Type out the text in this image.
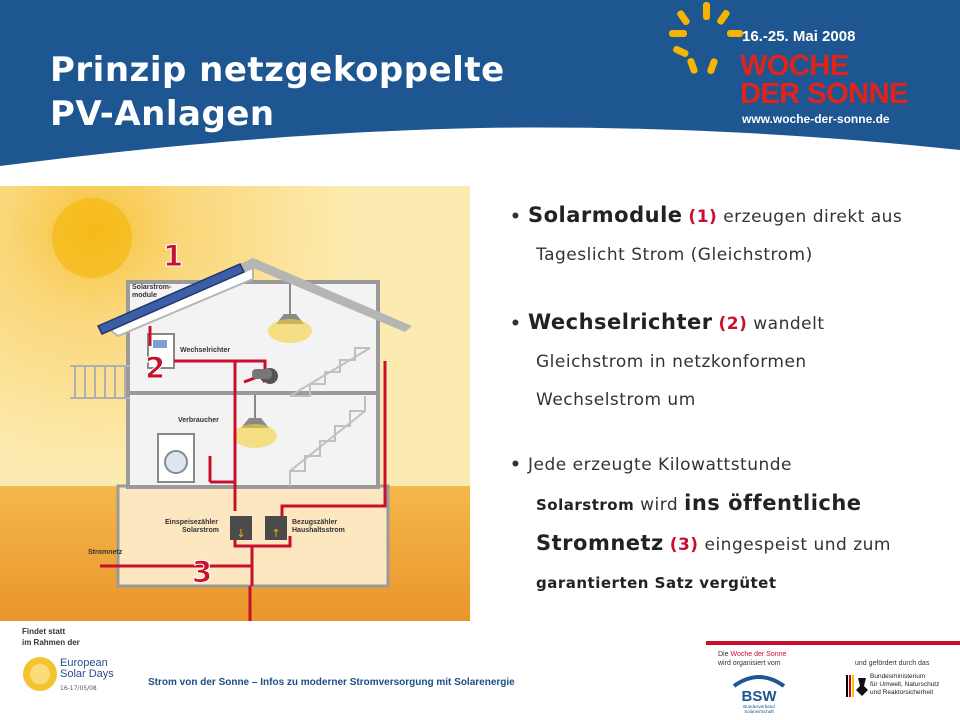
Prinzip netzgekoppelte
PV-Anlagen
16.-25. Mai 2008
WOCHE
DER SONNE
www.woche-der-sonne.de
↓ ↑
Solarstrom-
module
Wechselrichter
Verbraucher
Einspeisezähler
Solarstrom
Bezugszähler
Haushaltsstrom
Stromnetz
1
2
3
• Solarmodule (1) erzeugen direkt aus
Tageslicht Strom (Gleichstrom)
• Wechselrichter (2) wandelt
Gleichstrom in netzkonformen
Wechselstrom um
• Jede erzeugte Kilowattstunde
Solarstrom wird ins öffentliche
Stromnetz (3) eingespeist und zum
garantierten Satz vergütet
Findet statt
im Rahmen der
European
Solar Days
16-17/05/08
Strom von der Sonne – Infos zu moderner Stromversorgung mit Solarenergie
Die Woche der Sonne
wird organisiert vom	und gefördert durch das
BSW
Bundesverband
Solarwirtschaft
Bundesministerium
für Umwelt, Naturschutz
und Reaktorsicherheit
